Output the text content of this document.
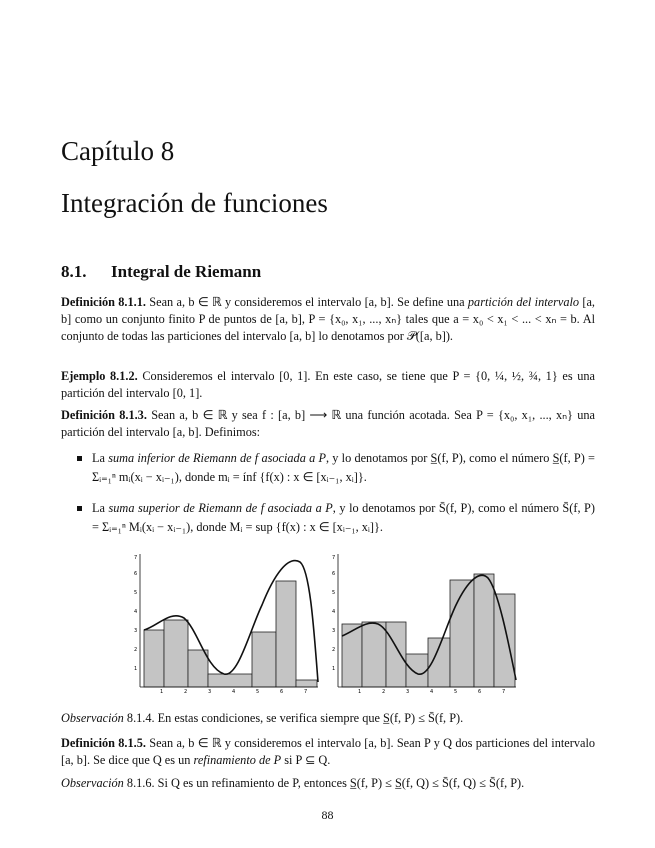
Capítulo 8
Integración de funciones
8.1. Integral de Riemann
Definición 8.1.1. Sean a, b ∈ ℝ y consideremos el intervalo [a, b]. Se define una partición del intervalo [a, b] como un conjunto finito P de puntos de [a, b], P = {x₀, x₁, ..., xₙ} tales que a = x₀ < x₁ < ... < xₙ = b. Al conjunto de todas las particiones del intervalo [a, b] lo denotamos por 𝒫([a, b]).
Ejemplo 8.1.2. Consideremos el intervalo [0, 1]. En este caso, se tiene que P = {0, ¼, ½, ¾, 1} es una partición del intervalo [0, 1].
Definición 8.1.3. Sean a, b ∈ ℝ y sea f : [a, b] ⟶ ℝ una función acotada. Sea P = {x₀, x₁, ..., xₙ} una partición del intervalo [a, b]. Definimos:
La suma inferior de Riemann de f asociada a P, y lo denotamos por S̲(f, P), como el número S̲(f, P) = Σᵢ₌₁ⁿ mᵢ(xᵢ − xᵢ₋₁), donde mᵢ = ínf {f(x) : x ∈ [xᵢ₋₁, xᵢ]}.
La suma superior de Riemann de f asociada a P, y lo denotamos por S̄(f, P), como el número S̄(f, P) = Σᵢ₌₁ⁿ Mᵢ(xᵢ − xᵢ₋₁), donde Mᵢ = sup {f(x) : x ∈ [xᵢ₋₁, xᵢ]}.
1
2
3
4
5
6
7
1	2	3	4	5	6	7
1
2
3
4
5
6
7
1	2	3	4	5	6	7
Observación 8.1.4. En estas condiciones, se verifica siempre que S̲(f, P) ≤ S̄(f, P).
Definición 8.1.5. Sean a, b ∈ ℝ y consideremos el intervalo [a, b]. Sean P y Q dos particiones del intervalo [a, b]. Se dice que Q es un refinamiento de P si P ⊆ Q.
Observación 8.1.6. Si Q es un refinamiento de P, entonces S̲(f, P) ≤ S̲(f, Q) ≤ S̄(f, Q) ≤ S̄(f, P).
88
